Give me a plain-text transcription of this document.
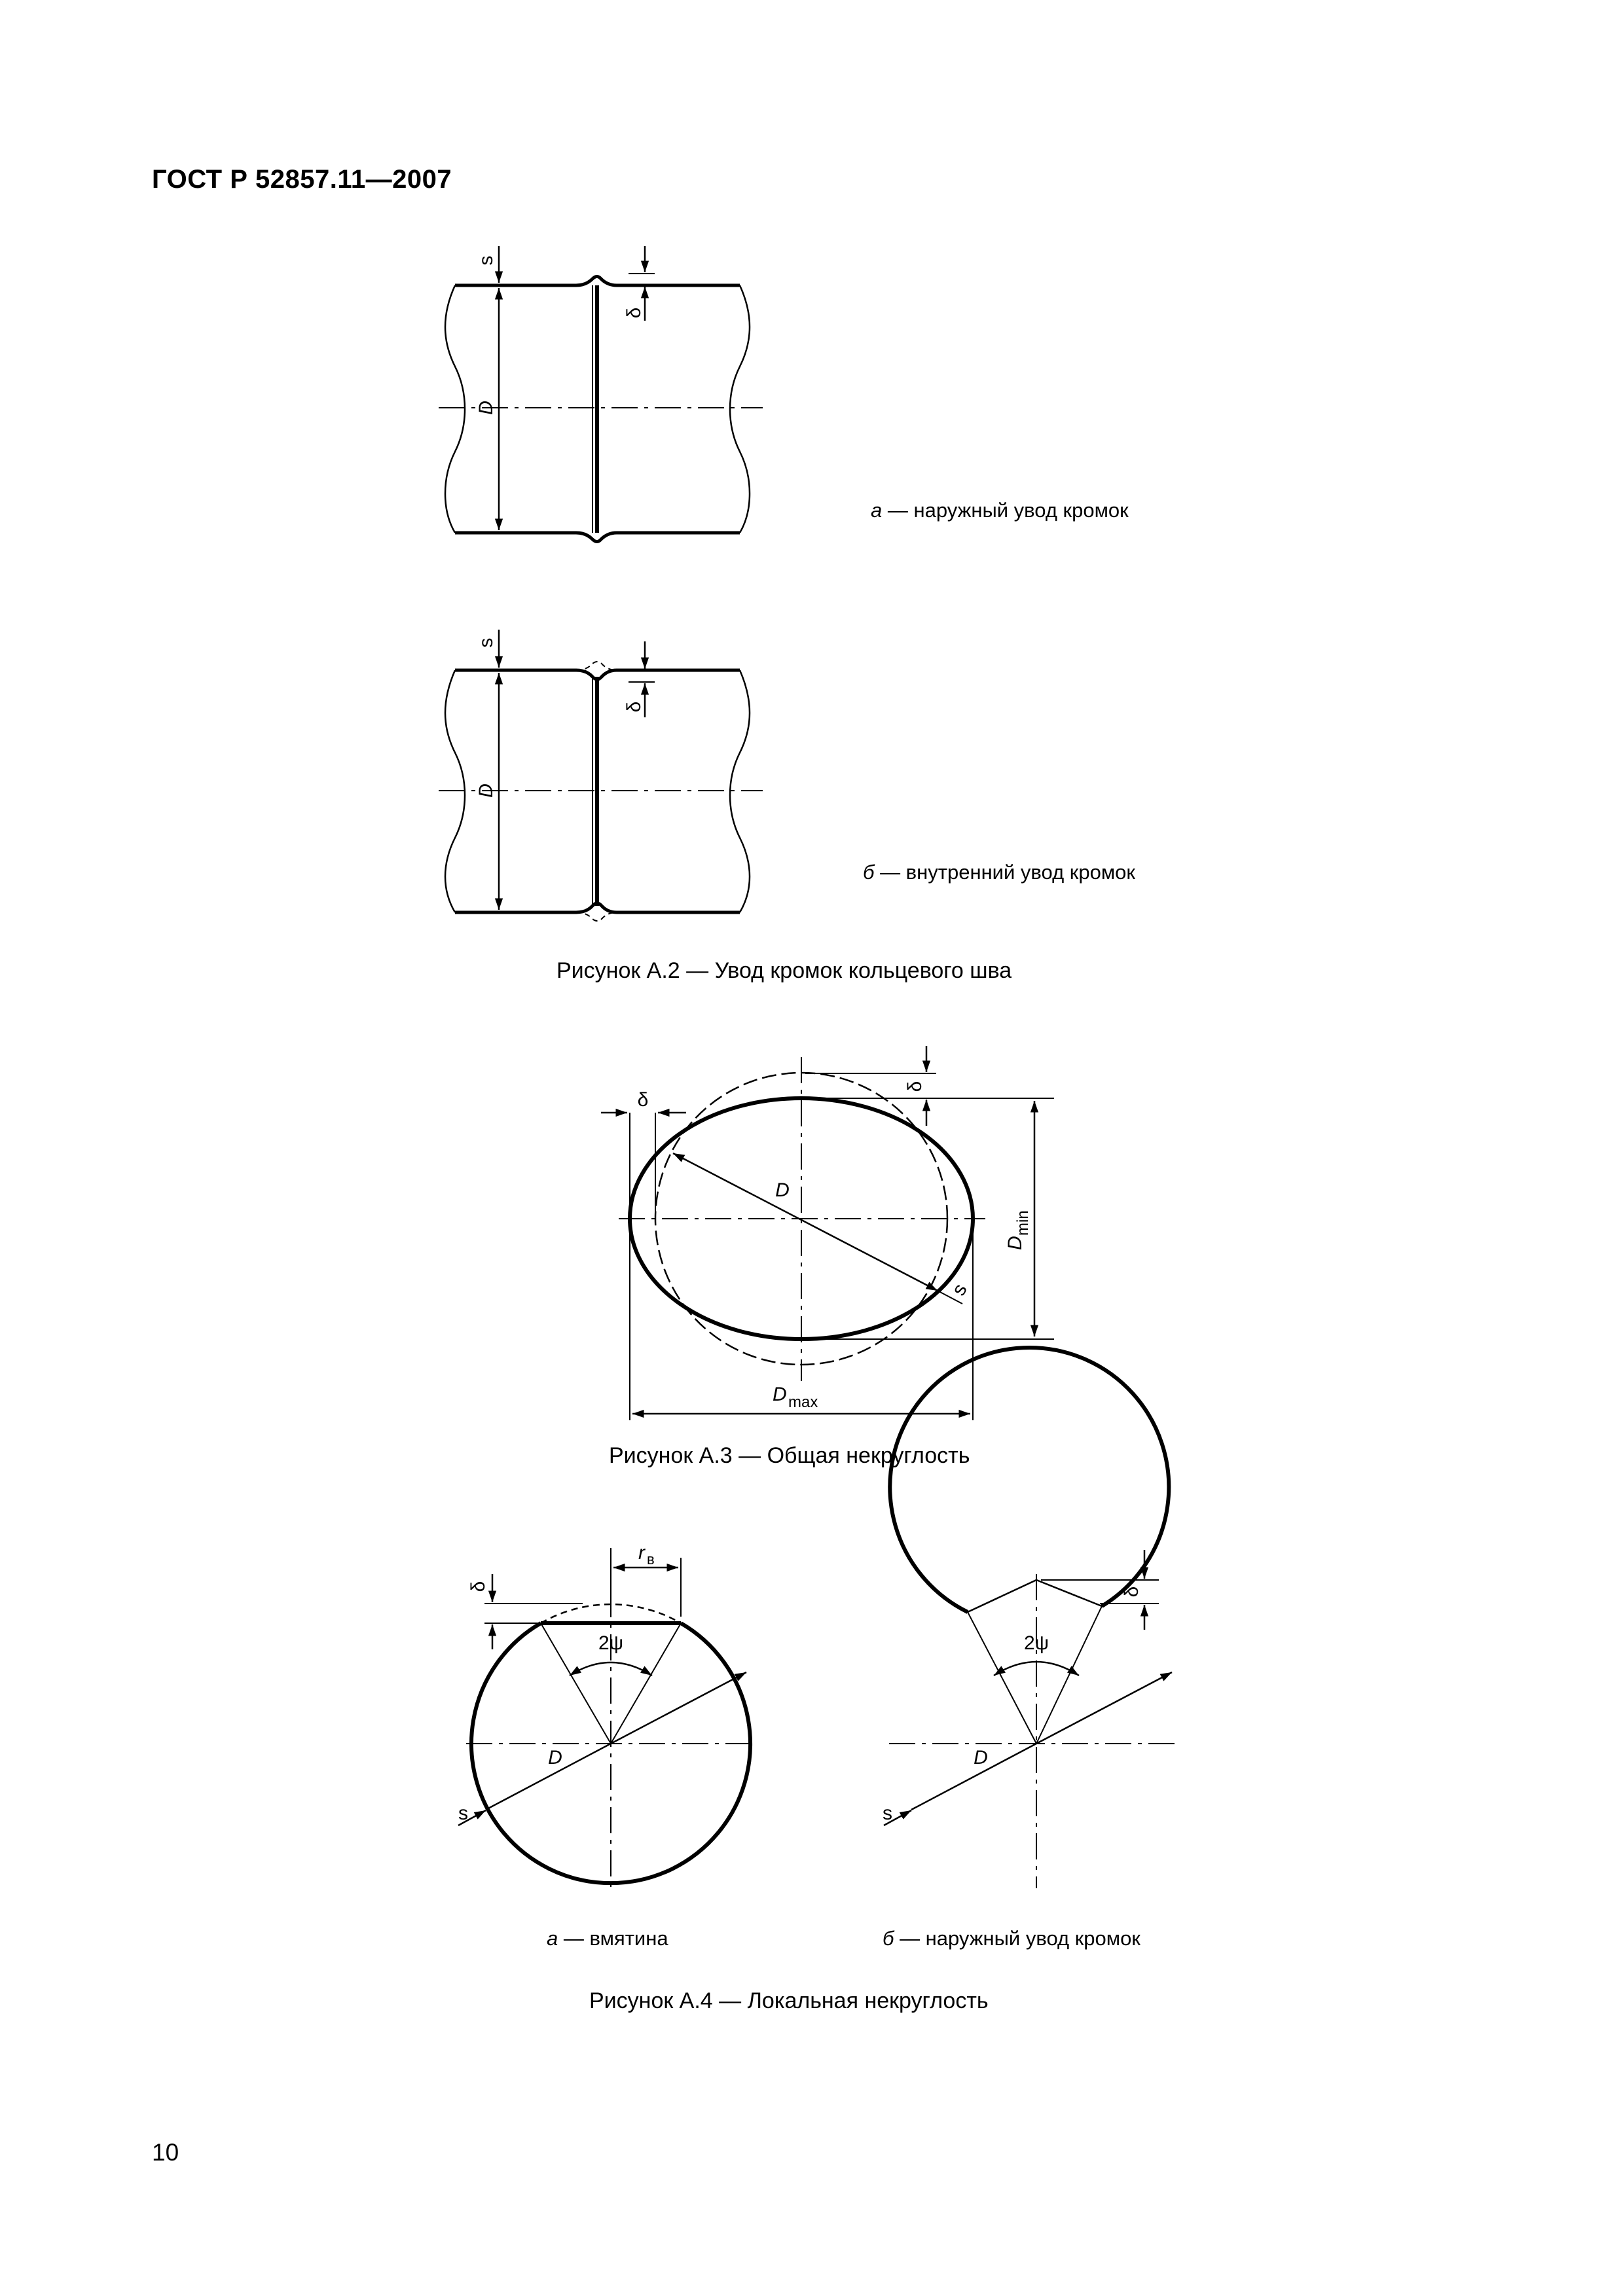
ГОСТ Р 52857.11—2007
s
δ
D
s
δ
D
δ
δ
D
s
D
min
D max
δ
r в
2ψ
D
s
δ
2ψ
D
s
а — наружный увод кромок
б — внутренний увод кромок
Рисунок А.2 — Увод кромок кольцевого шва
Рисунок А.3 — Общая некруглость
а — вмятина	б — наружный увод кромок
Рисунок А.4 — Локальная некруглость
10
